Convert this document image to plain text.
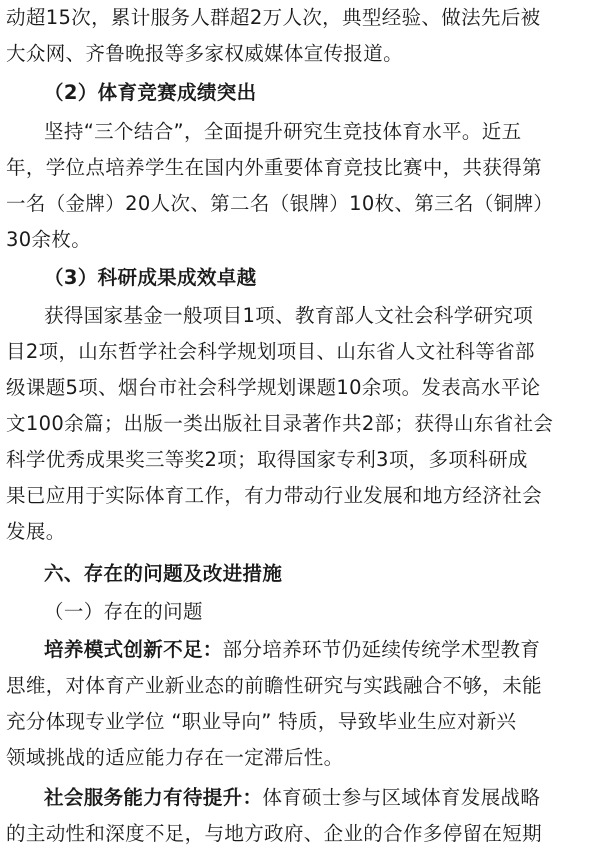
动超15次，累计服务人群超2万人次，典型经验、做法先后被
大众网、齐鲁晚报等多家权威媒体宣传报道。
（2）体育竞赛成绩突出
坚持“三个结合”，全面提升研究生竞技体育水平。近五
年，学位点培养学生在国内外重要体育竞技比赛中，共获得第
一名（金牌）20人次、第二名（银牌）10枚、第三名（铜牌）
30余枚。
（3）科研成果成效卓越
获得国家基金一般项目1项、教育部人文社会科学研究项
目2项，山东哲学社会科学规划项目、山东省人文社科等省部
级课题5项、烟台市社会科学规划课题10余项。发表高水平论
文100余篇；出版一类出版社目录著作共2部；获得山东省社会
科学优秀成果奖三等奖2项；取得国家专利3项，多项科研成
果已应用于实际体育工作，有力带动行业发展和地方经济社会
发展。
六、存在的问题及改进措施
（一）存在的问题
培养模式创新不足：部分培养环节仍延续传统学术型教育
思维，对体育产业新业态的前瞻性研究与实践融合不够，未能
充分体现专业学位 “职业导向” 特质，导致毕业生应对新兴
领域挑战的适应能力存在一定滞后性。
社会服务能力有待提升：体育硕士参与区域体育发展战略
的主动性和深度不足，与地方政府、企业的合作多停留在短期
